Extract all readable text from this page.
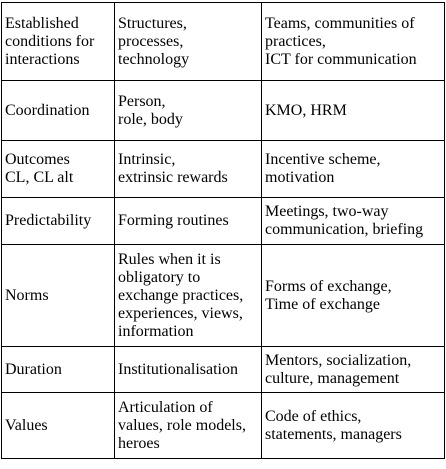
Established
conditions for
interactions	Structures,
processes,
technology	Teams, communities of
practices,
ICT for communication
Coordination	Person,
role, body	KMO, HRM
Outcomes
CL, CL alt	Intrinsic,
extrinsic rewards	Incentive scheme,
motivation
Predictability	Forming routines	Meetings, two-way
communication, briefing
Norms	Rules when it is
obligatory to
exchange practices,
experiences, views,
information	Forms of exchange,
Time of exchange
Duration	Institutionalisation	Mentors, socialization,
culture, management
Values	Articulation of
values, role models,
heroes	Code of ethics,
statements, managers
